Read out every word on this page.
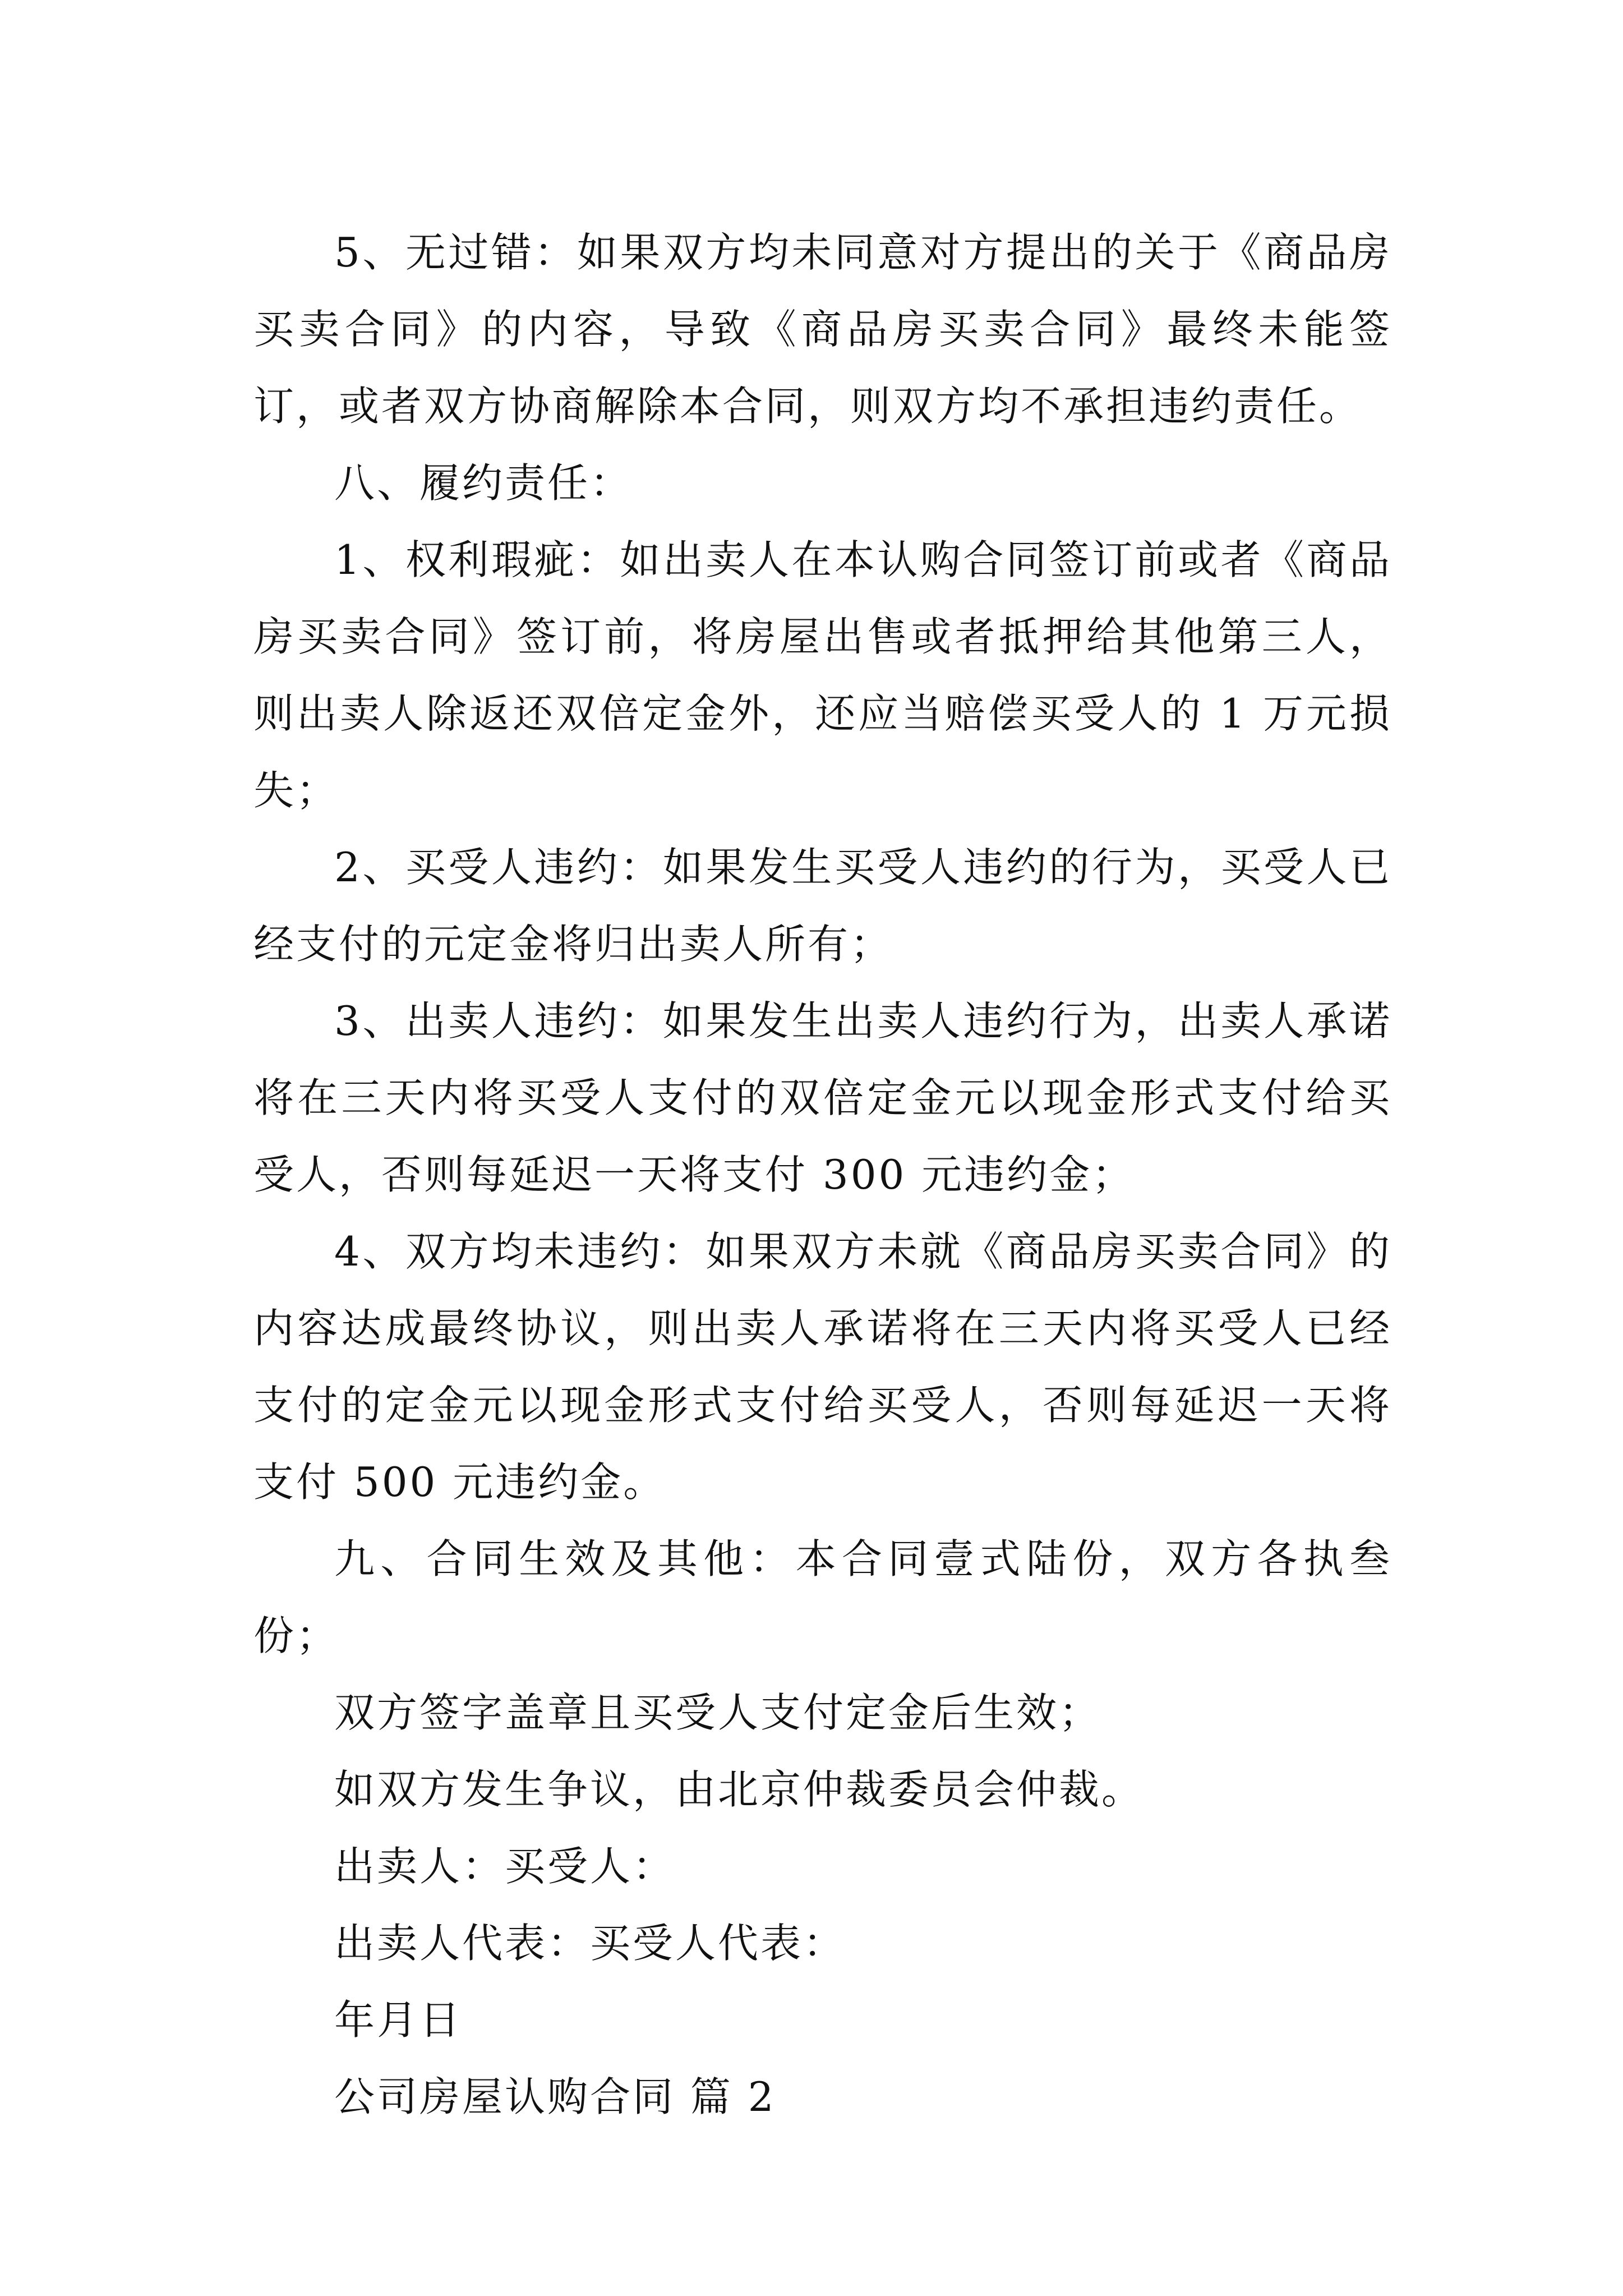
5、无过错：如果双方均未同意对方提出的关于《商品房买卖合同》的内容，导致《商品房买卖合同》最终未能签订，或者双方协商解除本合同，则双方均不承担违约责任。

八、履约责任：

1、权利瑕疵：如出卖人在本认购合同签订前或者《商品房买卖合同》签订前，将房屋出售或者抵押给其他第三人，则出卖人除返还双倍定金外，还应当赔偿买受人的 1 万元损失；

2、买受人违约：如果发生买受人违约的行为，买受人已经支付的元定金将归出卖人所有；

3、出卖人违约：如果发生出卖人违约行为，出卖人承诺将在三天内将买受人支付的双倍定金元以现金形式支付给买受人，否则每延迟一天将支付 300 元违约金；

4、双方均未违约：如果双方未就《商品房买卖合同》的内容达成最终协议，则出卖人承诺将在三天内将买受人已经支付的定金元以现金形式支付给买受人，否则每延迟一天将支付 500 元违约金。

九、合同生效及其他：本合同壹式陆份，双方各执叁份；

双方签字盖章且买受人支付定金后生效；

如双方发生争议，由北京仲裁委员会仲裁。

出卖人：买受人：

出卖人代表：买受人代表：

年月日

公司房屋认购合同 篇 2
